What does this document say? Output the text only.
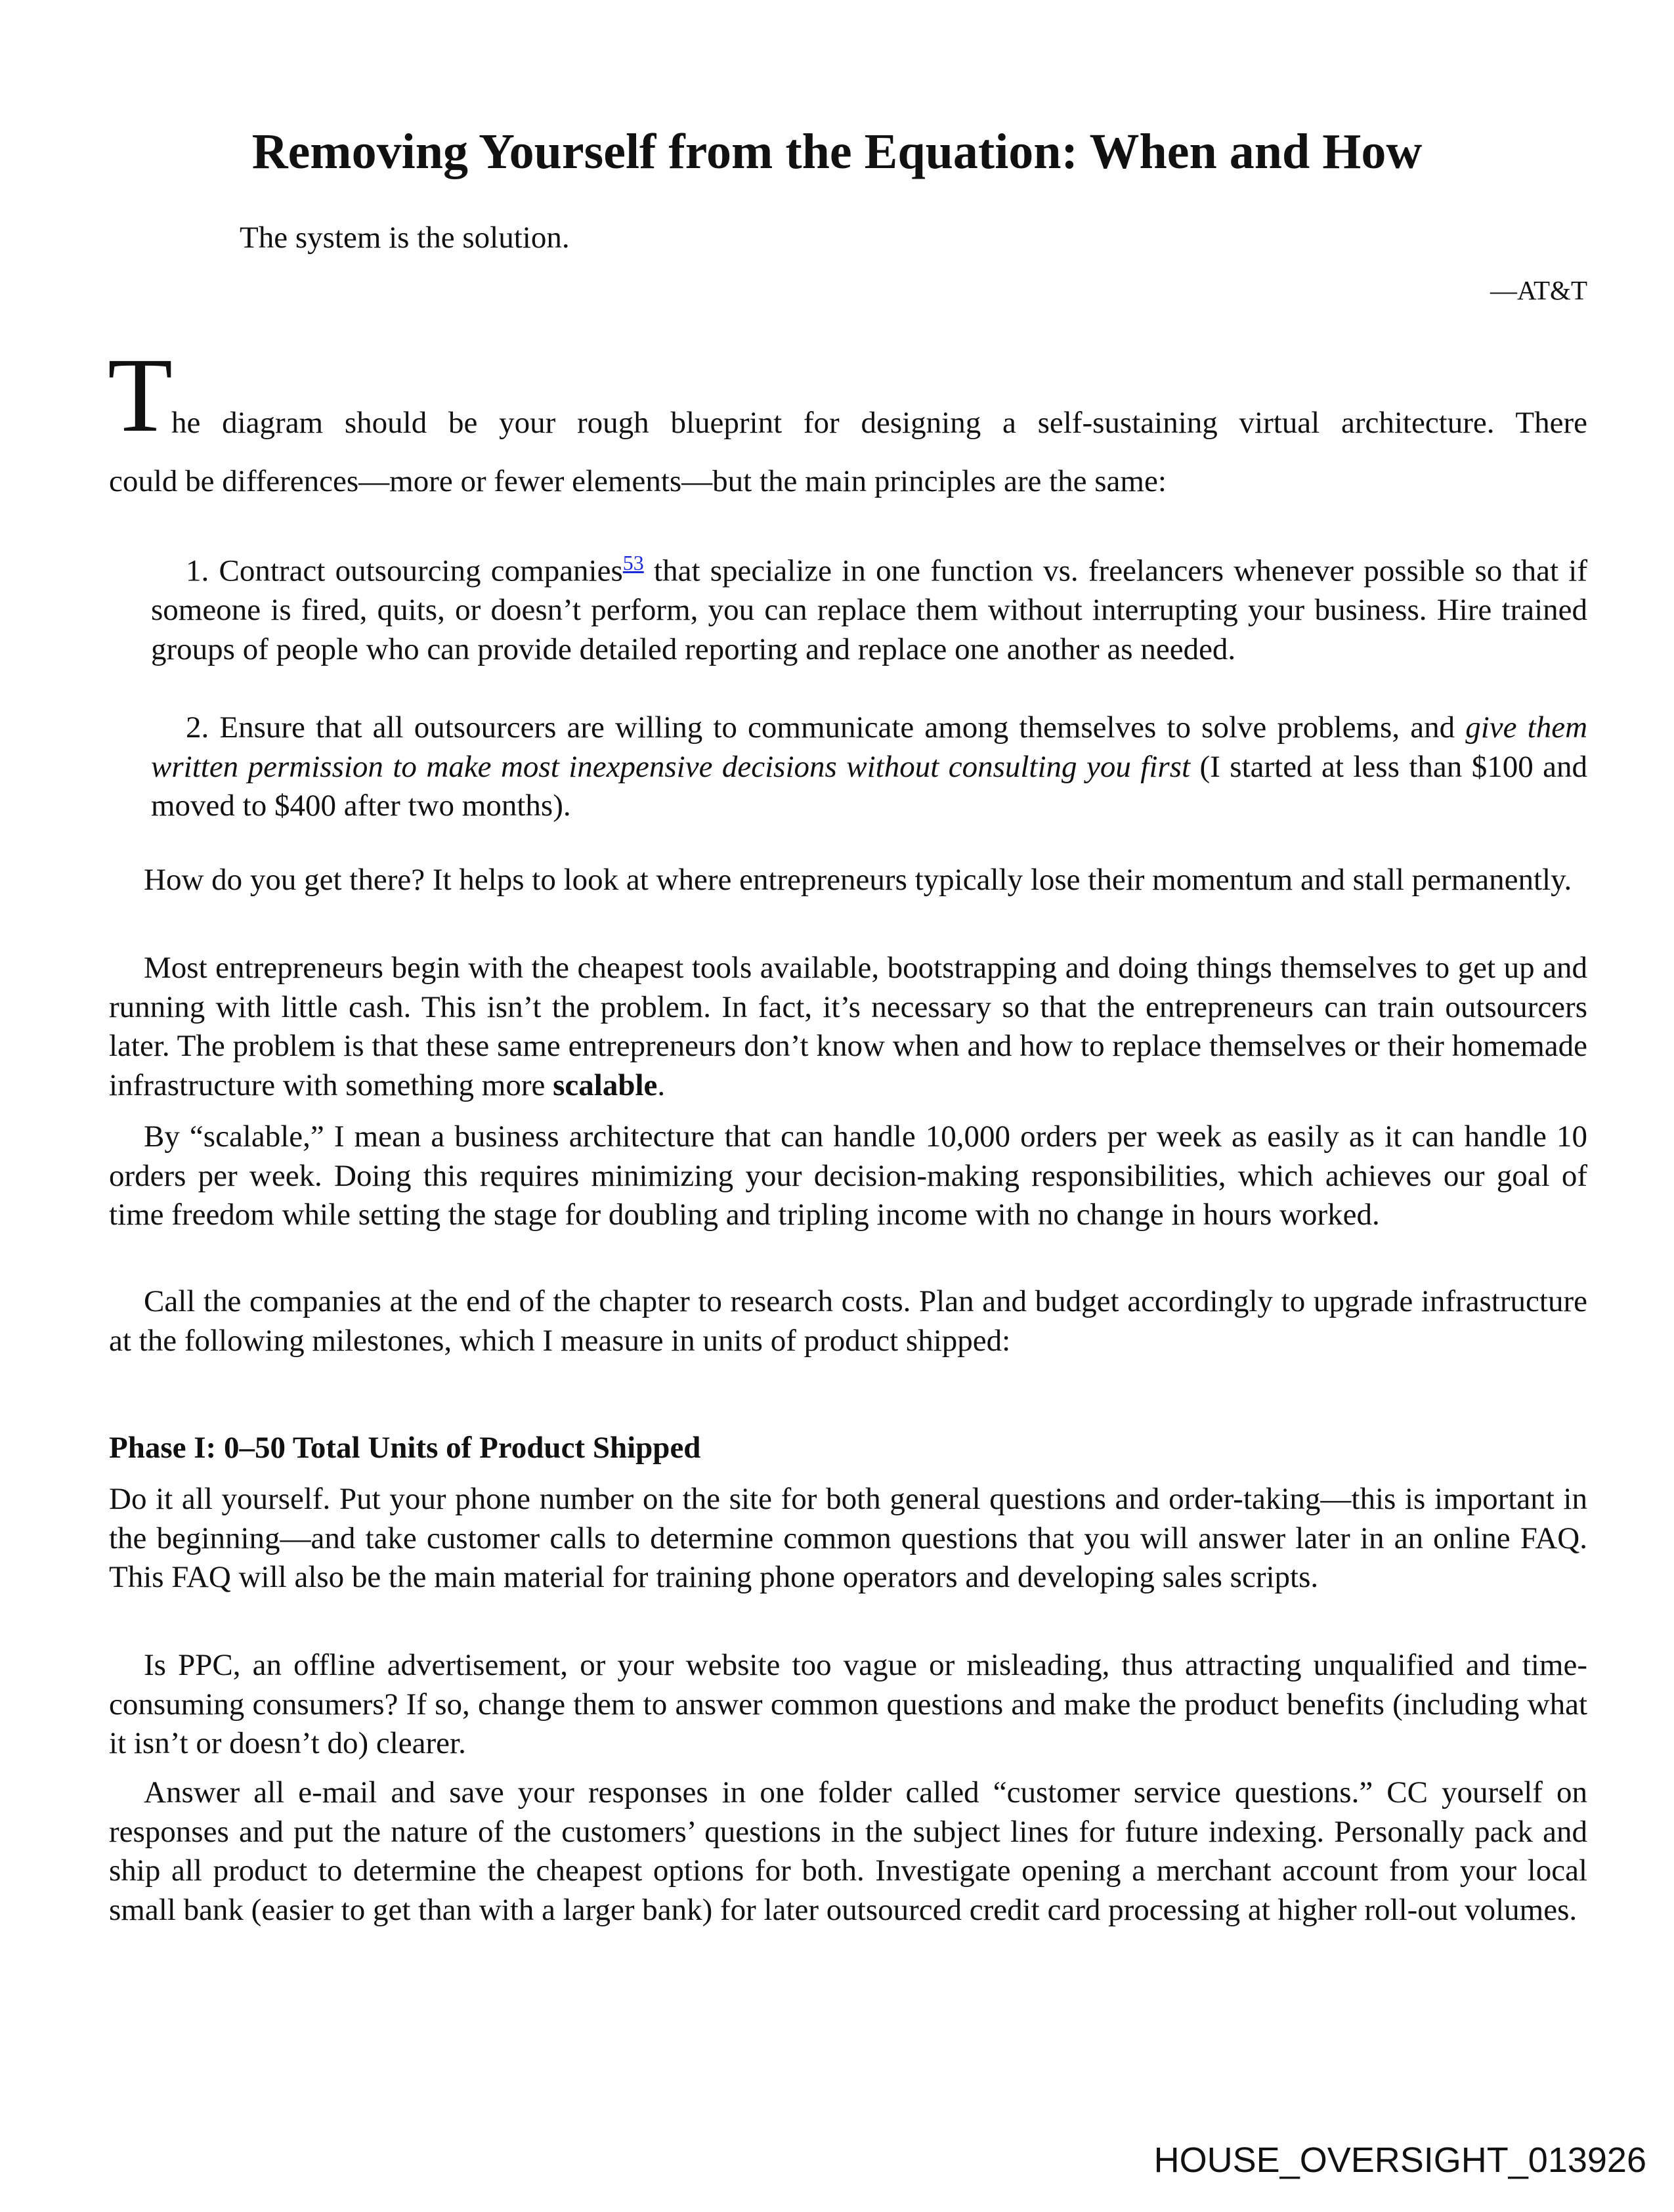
Removing Yourself from the Equation: When and How
The system is the solution.
—AT&T
T
he diagram should be your rough blueprint for designing a self-sustaining virtual architecture. There
could be differences—more or fewer elements—but the main principles are the same:
1. Contract outsourcing companies$^{53}$ that specialize in one function vs. freelancers whenever possible so that if someone is fired, quits, or doesn’t perform, you can replace them without interrupting your business. Hire trained groups of people who can provide detailed reporting and replace one another as needed.
2. Ensure that all outsourcers are willing to communicate among themselves to solve problems, and give them written permission to make most inexpensive decisions without consulting you first (I started at less than $100 and moved to $400 after two months).
How do you get there? It helps to look at where entrepreneurs typically lose their momentum and stall permanently.
Most entrepreneurs begin with the cheapest tools available, bootstrapping and doing things themselves to get up and running with little cash. This isn’t the problem. In fact, it’s necessary so that the entrepreneurs can train outsourcers later. The problem is that these same entrepreneurs don’t know when and how to replace themselves or their homemade infrastructure with something more scalable.
By “scalable,” I mean a business architecture that can handle 10,000 orders per week as easily as it can handle 10 orders per week. Doing this requires minimizing your decision-making responsibilities, which achieves our goal of time freedom while setting the stage for doubling and tripling income with no change in hours worked.
Call the companies at the end of the chapter to research costs. Plan and budget accordingly to upgrade infrastructure at the following milestones, which I measure in units of product shipped:
Phase I: 0–50 Total Units of Product Shipped
Do it all yourself. Put your phone number on the site for both general questions and order-taking—this is important in the beginning—and take customer calls to determine common questions that you will answer later in an online FAQ. This FAQ will also be the main material for training phone operators and developing sales scripts.
Is PPC, an offline advertisement, or your website too vague or misleading, thus attracting unqualified and time-consuming consumers? If so, change them to answer common questions and make the product benefits (including what it isn’t or doesn’t do) clearer.
Answer all e-mail and save your responses in one folder called “customer service questions.” CC yourself on responses and put the nature of the customers’ questions in the subject lines for future indexing. Personally pack and ship all product to determine the cheapest options for both. Investigate opening a merchant account from your local small bank (easier to get than with a larger bank) for later outsourced credit card processing at higher roll-out volumes.
HOUSE_OVERSIGHT_013926
